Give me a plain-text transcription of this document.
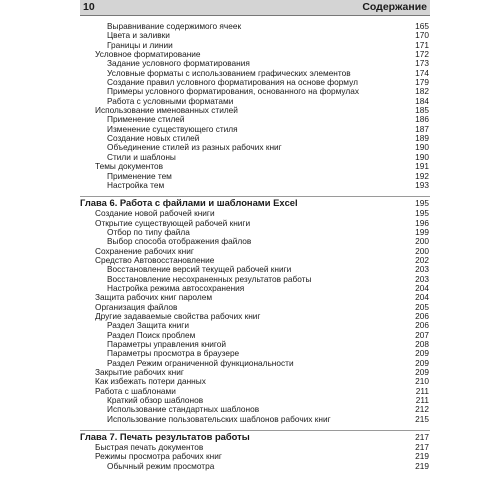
10	Содержание
Выравнивание содержимого ячеек	165
Цвета и заливки	170
Границы и линии	171
Условное форматирование	172
Задание условного форматирования	173
Условные форматы с использованием графических элементов	174
Создание правил условного форматирования на основе формул	179
Примеры условного форматирования, основанного на формулах	182
Работа с условными форматами	184
Использование именованных стилей	185
Применение стилей	186
Изменение существующего стиля	187
Создание новых стилей	189
Объединение стилей из разных рабочих книг	190
Стили и шаблоны	190
Темы документов	191
Применение тем	192
Настройка тем	193
Глава 6. Работа с файлами и шаблонами Excel	195
Создание новой рабочей книги	195
Открытие существующей рабочей книги	196
Отбор по типу файла	199
Выбор способа отображения файлов	200
Сохранение рабочих книг	200
Средство Автовосстановление	202
Восстановление версий текущей рабочей книги	203
Восстановление несохраненных результатов работы	203
Настройка режима автосохранения	204
Защита рабочих книг паролем	204
Организация файлов	205
Другие задаваемые свойства рабочих книг	206
Раздел Защита книги	206
Раздел Поиск проблем	207
Параметры управления книгой	208
Параметры просмотра в браузере	209
Раздел Режим ограниченной функциональности	209
Закрытие рабочих книг	209
Как избежать потери данных	210
Работа с шаблонами	211
Краткий обзор шаблонов	211
Использование стандартных шаблонов	212
Использование пользовательских шаблонов рабочих книг	215
Глава 7. Печать результатов работы	217
Быстрая печать документов	217
Режимы просмотра рабочих книг	219
Обычный режим просмотра	219
